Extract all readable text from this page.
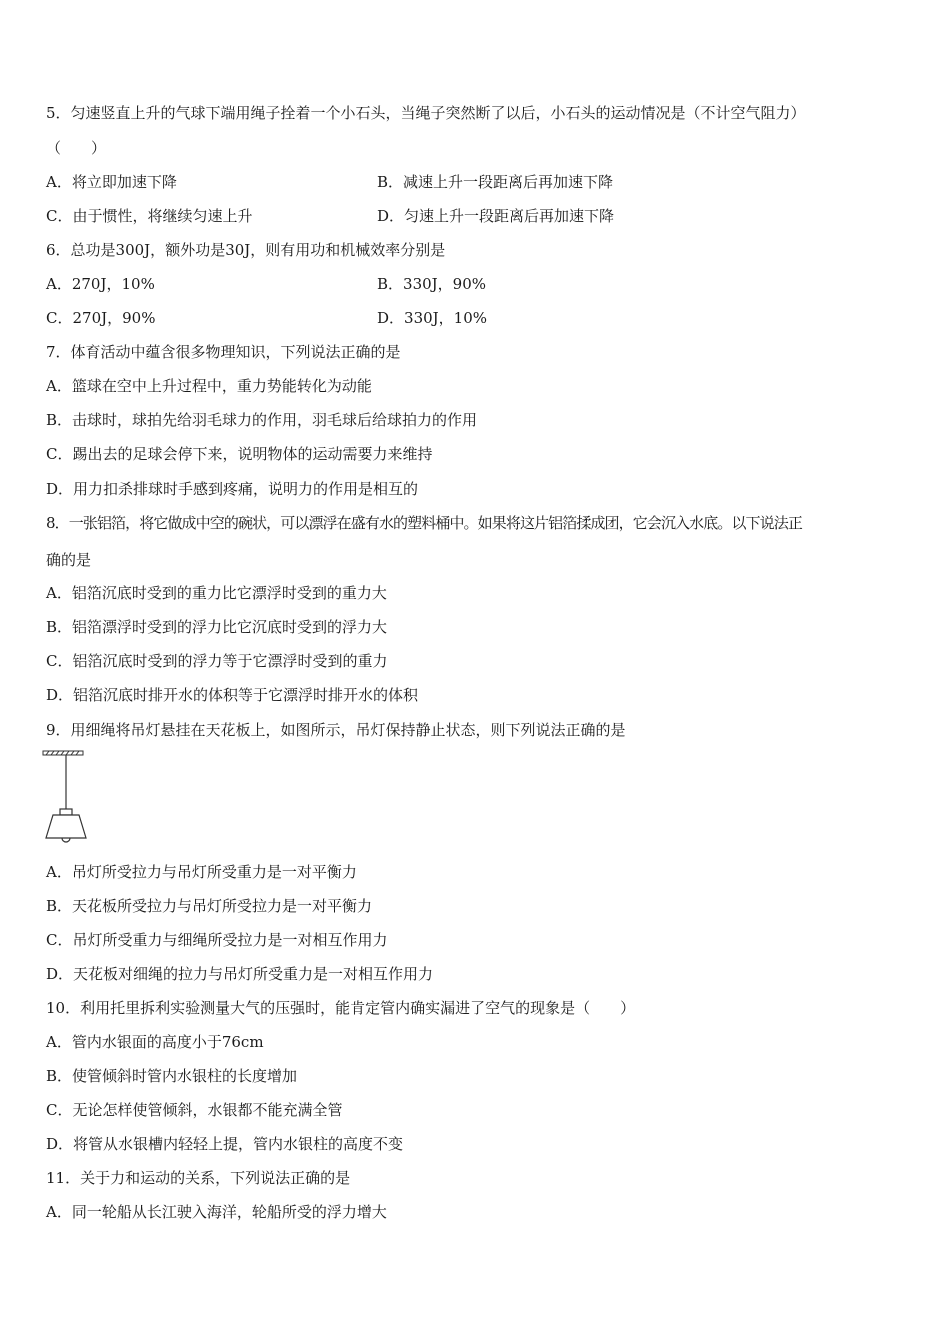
5．匀速竖直上升的气球下端用绳子拴着一个小石头，当绳子突然断了以后，小石头的运动情况是（不计空气阻力）
（　　）
A．将立即加速下降	B．减速上升一段距离后再加速下降
C．由于惯性，将继续匀速上升	D．匀速上升一段距离后再加速下降
6．总功是300J，额外功是30J，则有用功和机械效率分别是
A．270J，10%	B．330J，90%
C．270J，90%	D．330J，10%
7．体育活动中蕴含很多物理知识，下列说法正确的是
A．篮球在空中上升过程中，重力势能转化为动能
B．击球时，球拍先给羽毛球力的作用，羽毛球后给球拍力的作用
C．踢出去的足球会停下来，说明物体的运动需要力来维持
D．用力扣杀排球时手感到疼痛，说明力的作用是相互的
8．一张铝箔，将它做成中空的碗状，可以漂浮在盛有水的塑料桶中。如果将这片铝箔揉成团，它会沉入水底。以下说法正
确的是
A．铝箔沉底时受到的重力比它漂浮时受到的重力大
B．铝箔漂浮时受到的浮力比它沉底时受到的浮力大
C．铝箔沉底时受到的浮力等于它漂浮时受到的重力
D．铝箔沉底时排开水的体积等于它漂浮时排开水的体积
9．用细绳将吊灯悬挂在天花板上，如图所示，吊灯保持静止状态，则下列说法正确的是
A．吊灯所受拉力与吊灯所受重力是一对平衡力
B．天花板所受拉力与吊灯所受拉力是一对平衡力
C．吊灯所受重力与细绳所受拉力是一对相互作用力
D．天花板对细绳的拉力与吊灯所受重力是一对相互作用力
10．利用托里拆利实验测量大气的压强时，能肯定管内确实漏进了空气的现象是（　　）
A．管内水银面的高度小于76cm
B．使管倾斜时管内水银柱的长度增加
C．无论怎样使管倾斜，水银都不能充满全管
D．将管从水银槽内轻轻上提，管内水银柱的高度不变
11．关于力和运动的关系，下列说法正确的是
A．同一轮船从长江驶入海洋，轮船所受的浮力增大
